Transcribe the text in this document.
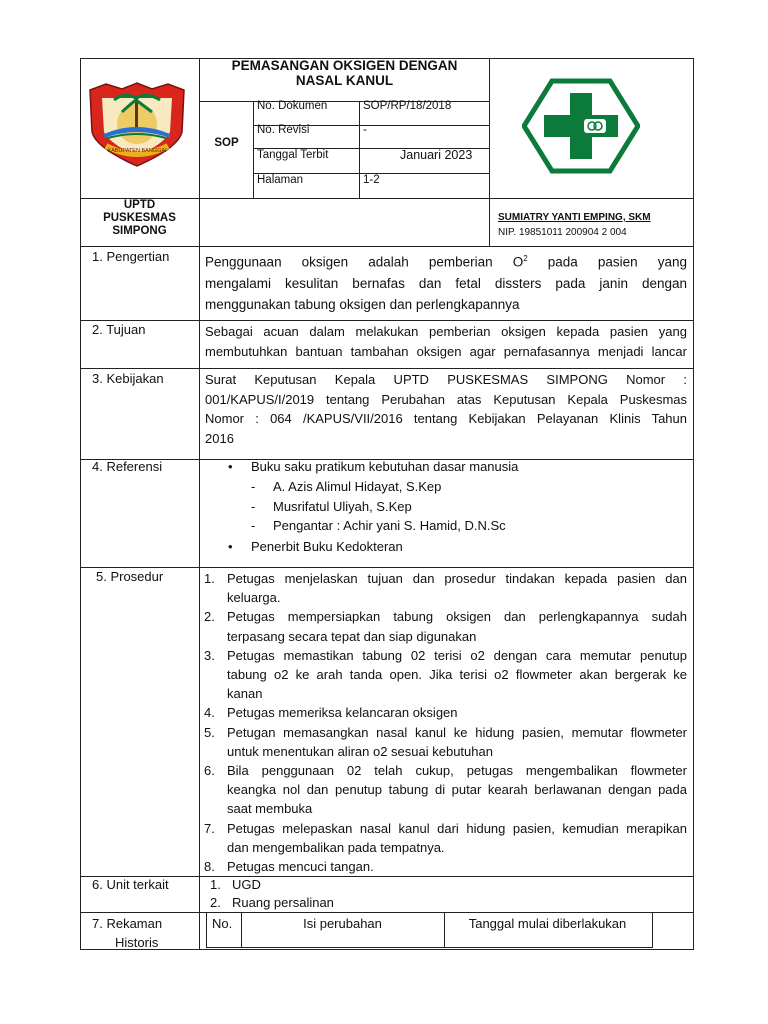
KABUPATEN BANGGAI
PEMASANGAN OKSIGEN DENGAN
NASAL KANUL
SOP
No. Dokumen	SOP/RP/18/2018
No. Revisi	-
Tanggal Terbit	Januari 2023
Halaman	1-2
UPTD
PUSKESMAS
SIMPONG
SUMIATRY YANTI EMPING, SKM
NIP. 19851011 200904 2 004
1. Pengertian	Penggunaan oksigen adalah pemberian $O^2$ pada pasien yang
mengalami kesulitan bernafas dan fetal dissters pada janin dengan
menggunakan tabung oksigen dan perlengkapannya
2. Tujuan	Sebagai acuan dalam melakukan pemberian oksigen kepada pasien yang
membutuhkan bantuan tambahan oksigen agar pernafasannya menjadi lancar
3. Kebijakan	Surat Keputusan Kepala UPTD PUSKESMAS SIMPONG Nomor :
001/KAPUS/I/2019 tentang Perubahan atas Keputusan Kepala Puskesmas
Nomor : 064 /KAPUS/VII/2016 tentang Kebijakan Pelayanan Klinis Tahun
2016
4. Referensi	• Buku saku pratikum kebutuhan dasar manusia
- A. Azis Alimul Hidayat, S.Kep
- Musrifatul Uliyah, S.Kep
- Pengantar : Achir yani S. Hamid, D.N.Sc
• Penerbit Buku Kedokteran
5. Prosedur	1. Petugas menjelaskan tujuan dan prosedur tindakan kepada pasien dan
keluarga.
2. Petugas mempersiapkan tabung oksigen dan perlengkapannya sudah
terpasang secara tepat dan siap digunakan
3. Petugas memastikan tabung 02 terisi o2 dengan cara memutar penutup
tabung o2 ke arah tanda open. Jika terisi o2 flowmeter akan bergerak ke
kanan
4. Petugas memeriksa kelancaran oksigen
5. Petugan memasangkan nasal kanul ke hidung pasien, memutar flowmeter
untuk menentukan aliran o2 sesuai kebutuhan
6. Bila penggunaan 02 telah cukup, petugas mengembalikan flowmeter
keangka nol dan penutup tabung di putar kearah berlawanan dengan pada
saat membuka
7. Petugas melepaskan nasal kanul dari hidung pasien, kemudian merapikan
dan mengembalikan pada tempatnya.
8. Petugas mencuci tangan.
6. Unit terkait	1. UGD
2. Ruang persalinan
7. Rekaman
Historis
No.	Isi perubahan	Tanggal mulai diberlakukan
